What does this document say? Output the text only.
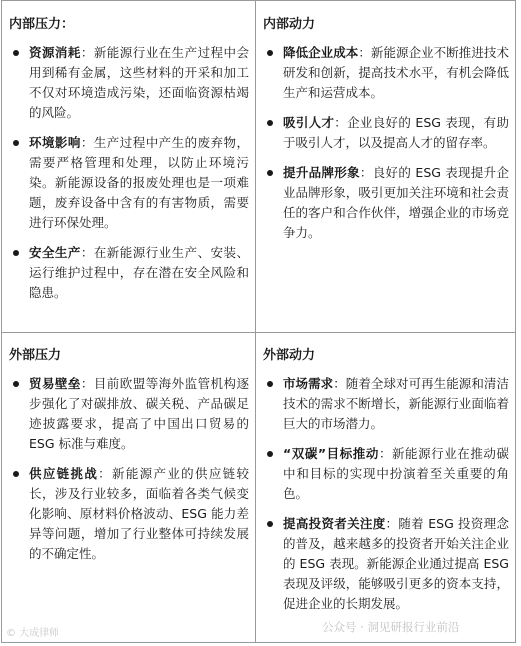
内部压力：
资源消耗：新能源行业在生产过程中会用到稀有金属，这些材料的开采和加工不仅对环境造成污染，还面临资源枯竭的风险。
环境影响：生产过程中产生的废弃物，需要严格管理和处理，以防止环境污染。新能源设备的报废处理也是一项难题，废弃设备中含有的有害物质，需要进行环保处理。
安全生产：在新能源行业生产、安装、运行维护过程中，存在潜在安全风险和隐患。
内部动力
降低企业成本：新能源企业不断推进技术研发和创新，提高技术水平，有机会降低生产和运营成本。
吸引人才：企业良好的 ESG 表现，有助于吸引人才，以及提高人才的留存率。
提升品牌形象：良好的 ESG 表现提升企业品牌形象，吸引更加关注环境和社会责任的客户和合作伙伴，增强企业的市场竞争力。
外部压力
贸易壁垒：目前欧盟等海外监管机构逐步强化了对碳排放、碳关税、产品碳足迹披露要求，提高了中国出口贸易的 ESG 标准与难度。
供应链挑战：新能源产业的供应链较长，涉及行业较多，面临着各类气候变化影响、原材料价格波动、ESG 能力差异等问题，增加了行业整体可持续发展的不确定性。
外部动力
市场需求：随着全球对可再生能源和清洁技术的需求不断增长，新能源行业面临着巨大的市场潜力。
“双碳”目标推动：新能源行业在推动碳中和目标的实现中扮演着至关重要的角色。
提高投资者关注度：随着 ESG 投资理念的普及，越来越多的投资者开始关注企业的 ESG 表现。新能源企业通过提高 ESG 表现及评级，能够吸引更多的资本支持，促进企业的长期发展。
© 大成律师	公众号 · 洞见研报行业前沿
